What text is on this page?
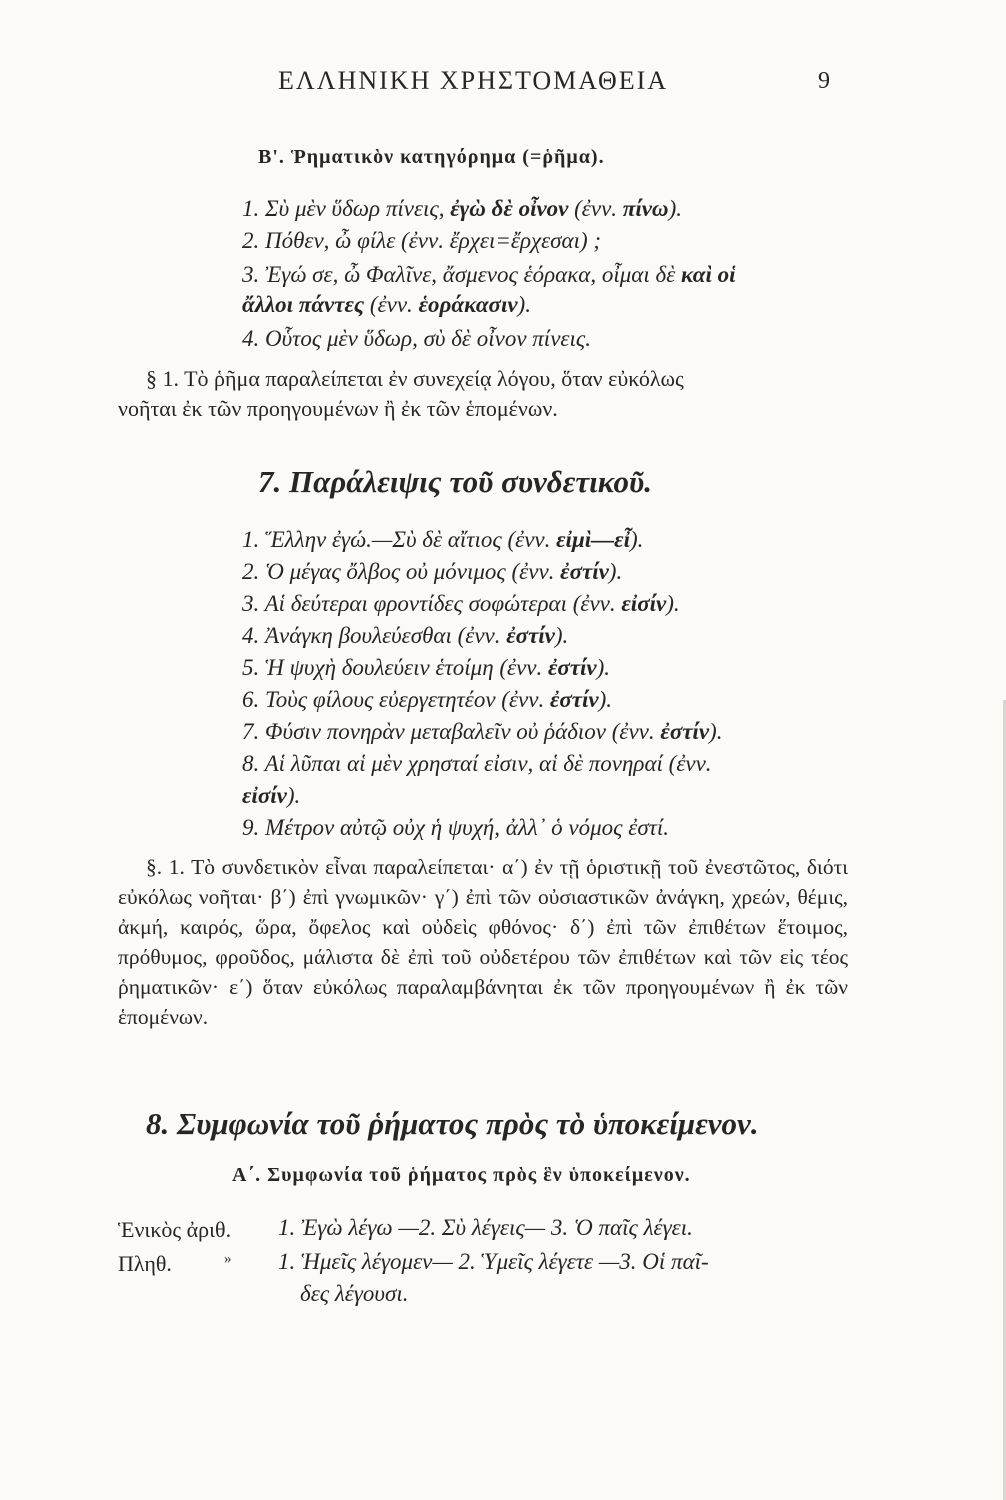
ΕΛΛΗΝΙΚΗ ΧΡΗΣΤΟΜΑΘΕΙΑ	9
B'. Ῥηματικὸν κατηγόρημα (=ῥῆμα).
1. Σὺ μὲν ὕδωρ πίνεις, ἐγὼ δὲ οἶνον (ἐνν. πίνω).
2. Πόθεν, ὦ φίλε (ἐνν. ἔρχει=ἔρχεσαι) ;
3. Ἐγώ σε, ὦ Φαλῖνε, ἄσμενος ἑόρακα, οἶμαι δὲ καὶ οἱ
ἄλλοι πάντες (ἐνν. ἑοράκασιν).
4. Οὗτος μὲν ὕδωρ, σὺ δὲ οἶνον πίνεις.
§ 1. Τὸ ῥῆμα παραλείπεται ἐν συνεχείᾳ λόγου, ὅταν εὐκόλως
νοῆται ἐκ τῶν προηγουμένων ἢ ἐκ τῶν ἑπομένων.
7. Παράλειψις τοῦ συνδετικοῦ.
1. Ἕλλην ἐγώ.—Σὺ δὲ αἴτιος (ἐνν. εἰμὶ—εἶ).
2. Ὁ μέγας ὄλβος οὐ μόνιμος (ἐνν. ἐστίν).
3. Αἱ δεύτεραι φροντίδες σοφώτεραι (ἐνν. εἰσίν).
4. Ἀνάγκη βουλεύεσθαι (ἐνν. ἐστίν).
5. Ἡ ψυχὴ δουλεύειν ἑτοίμη (ἐνν. ἐστίν).
6. Τοὺς φίλους εὐεργετητέον (ἐνν. ἐστίν).
7. Φύσιν πονηρὰν μεταβαλεῖν οὐ ῥάδιον (ἐνν. ἐστίν).
8. Αἱ λῦπαι αἱ μὲν χρησταί εἰσιν, αἱ δὲ πονηραί (ἐνν.
εἰσίν).
9. Μέτρον αὐτῷ οὐχ ἡ ψυχή, ἀλλ᾽ ὁ νόμος ἐστί.

§. 1. Τὸ συνδετικὸν εἶναι παραλείπεται· α΄) ἐν τῇ ὁριστικῇ τοῦ ἐνεστῶτος, διότι εὐκόλως νοῆται· β΄) ἐπὶ γνωμικῶν· γ΄) ἐπὶ τῶν οὐσιαστικῶν ἀνάγκη, χρεών, θέμις, ἀκμή, καιρός, ὥρα, ὄφελος καὶ οὐδεὶς φθόνος· δ΄) ἐπὶ τῶν ἐπιθέτων ἕτοιμος, πρόθυμος, φροῦδος, μάλιστα δὲ ἐπὶ τοῦ οὐδετέρου τῶν ἐπιθέτων καὶ τῶν εἰς τέος ῥηματικῶν· ε΄) ὅταν εὐκόλως παραλαμβάνηται ἐκ τῶν προηγουμένων ἢ ἐκ τῶν ἑπομένων.

8. Συμφωνία τοῦ ῥήματος πρὸς τὸ ὑποκείμενον.
Α΄. Συμφωνία τοῦ ῥήματος πρὸς ἓν ὑποκείμενον.
Ἑνικὸς ἀριθ. 1. Ἐγὼ λέγω —2. Σὺ λέγεις— 3. Ὁ παῖς λέγει.
Πληθ.	» 1. Ἡμεῖς λέγομεν— 2. Ὑμεῖς λέγετε —3. Οἱ παῖ-
δες λέγουσι.
